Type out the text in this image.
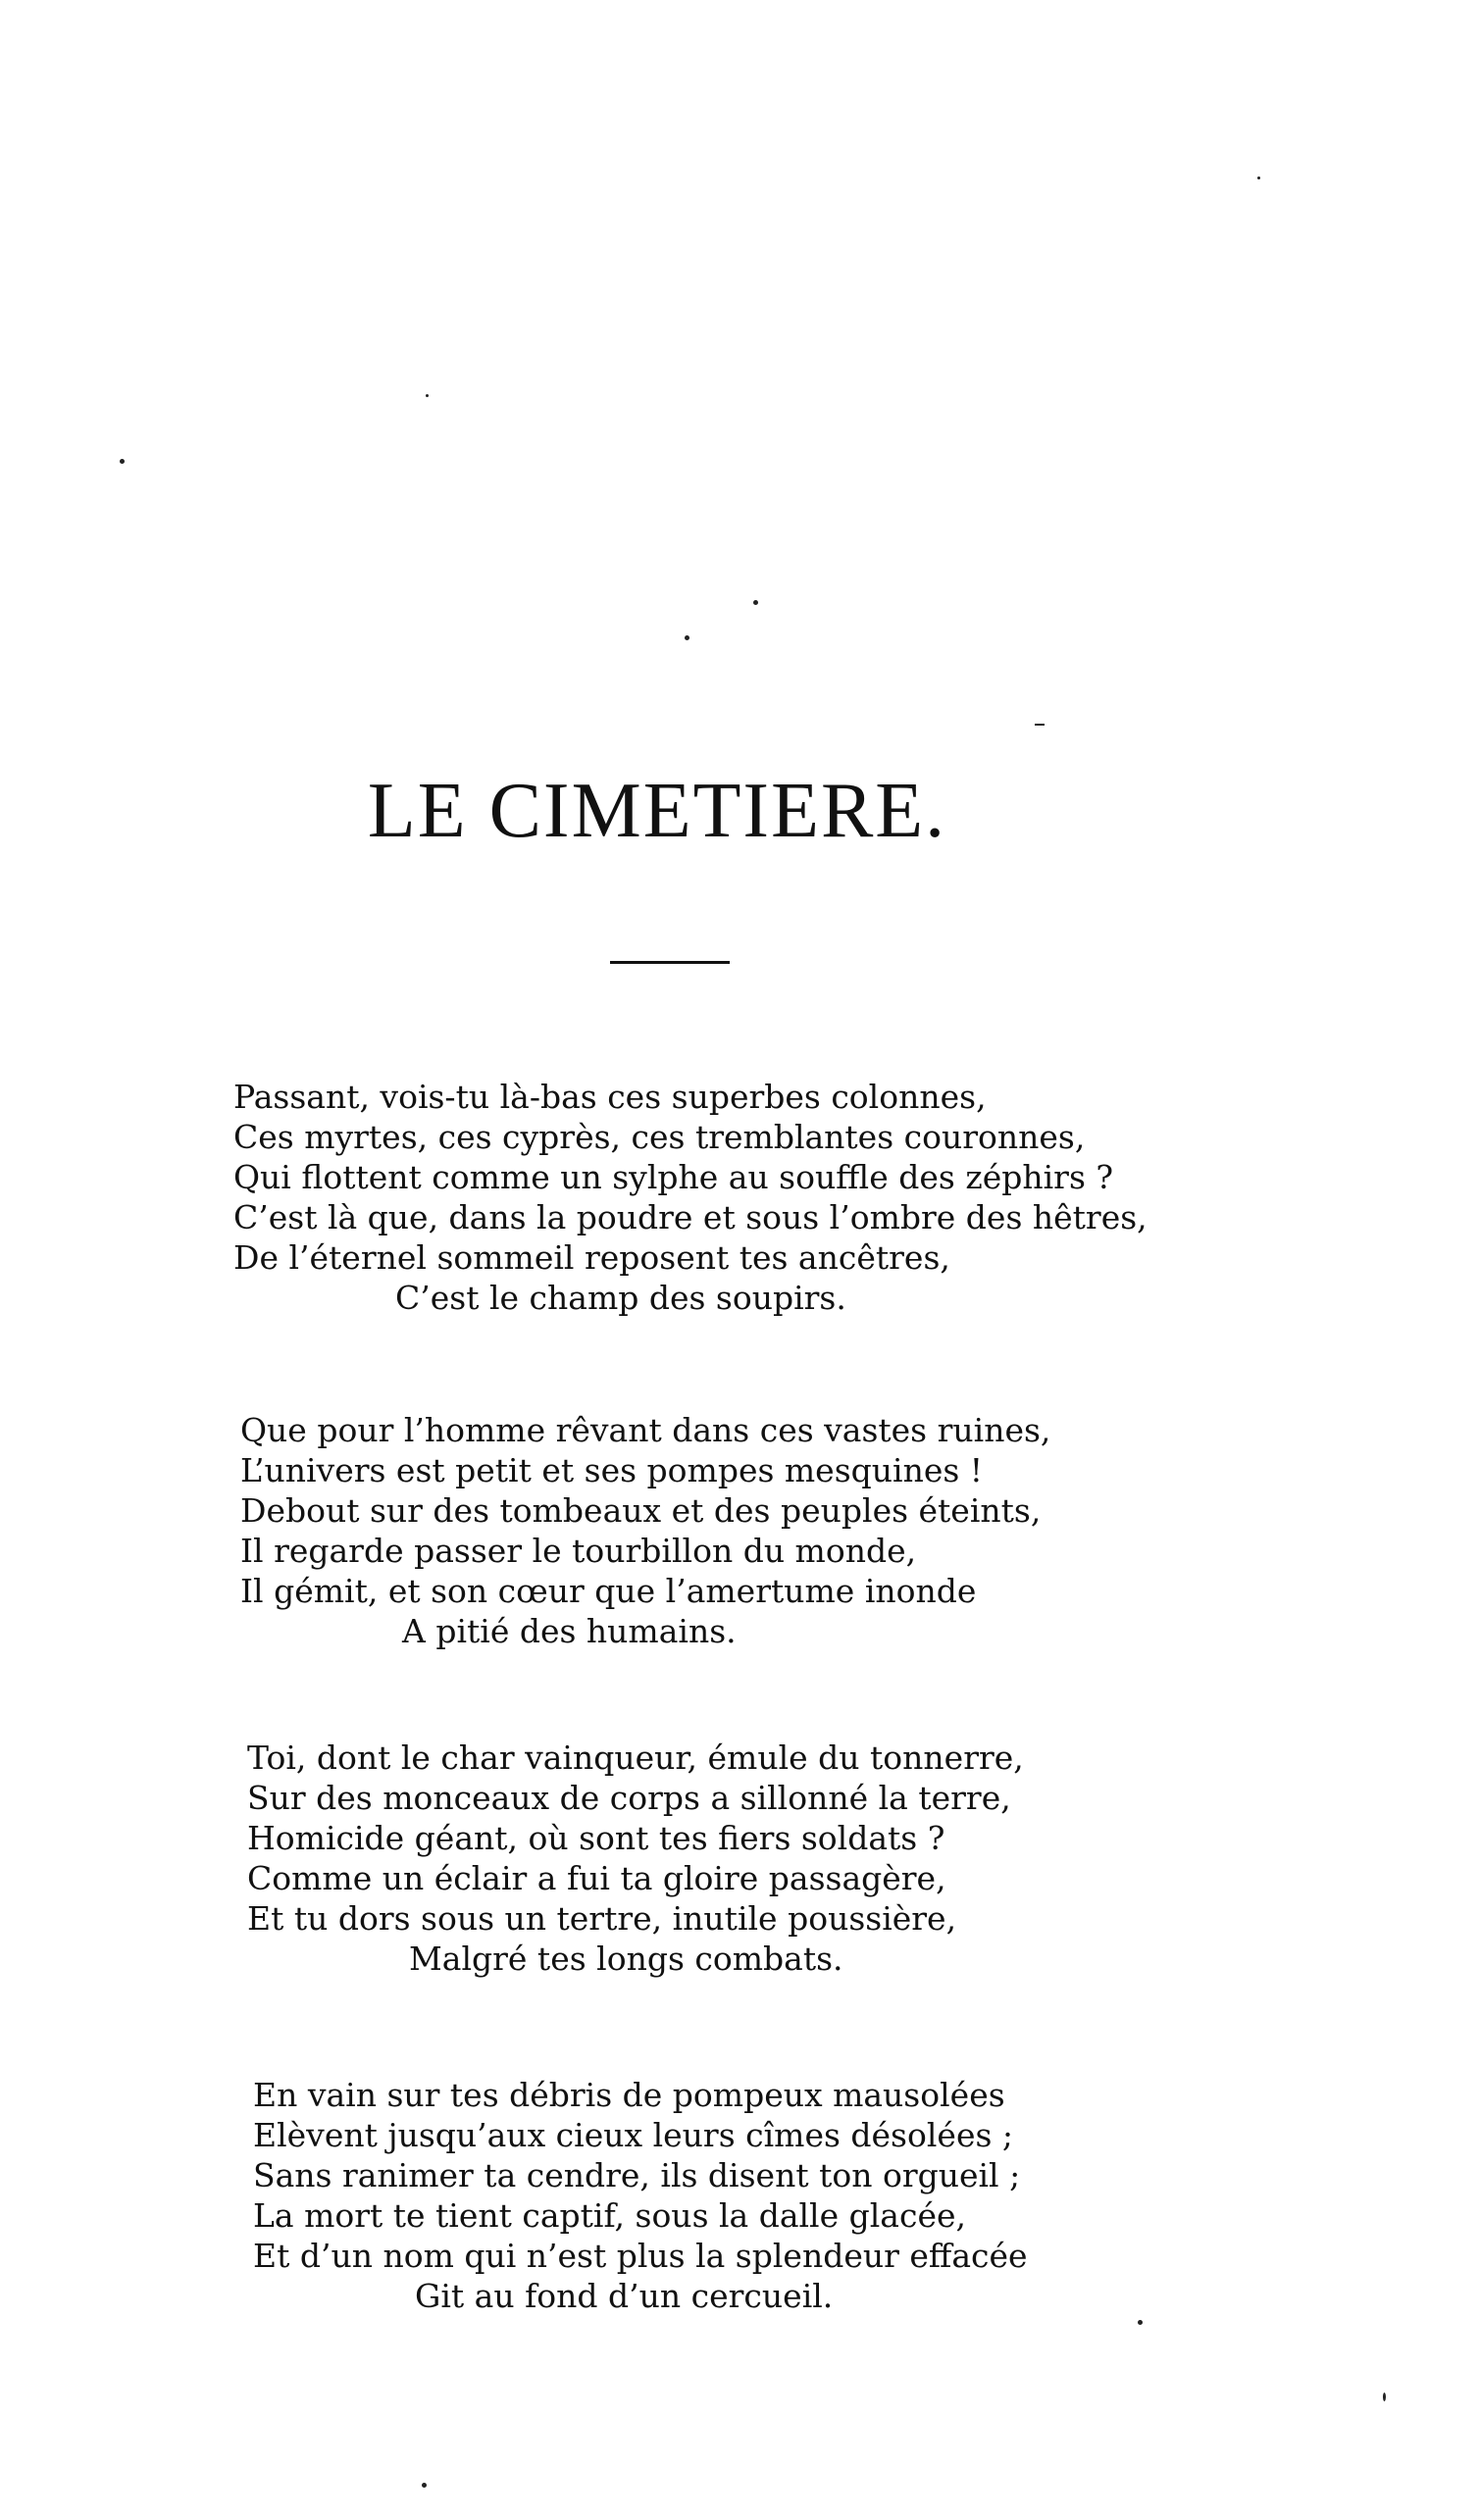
LE CIMETIERE.
Passant, vois-tu là-bas ces superbes colonnes,
Ces myrtes, ces cyprès, ces tremblantes couronnes,
Qui flottent comme un sylphe au souffle des zéphirs ?
C’est là que, dans la poudre et sous l’ombre des hêtres,
De l’éternel sommeil reposent tes ancêtres,
C’est le champ des soupirs.
Que pour l’homme rêvant dans ces vastes ruines,
L’univers est petit et ses pompes mesquines !
Debout sur des tombeaux et des peuples éteints,
Il regarde passer le tourbillon du monde,
Il gémit, et son cœur que l’amertume inonde
A pitié des humains.
Toi, dont le char vainqueur, émule du tonnerre,
Sur des monceaux de corps a sillonné la terre,
Homicide géant, où sont tes fiers soldats ?
Comme un éclair a fui ta gloire passagère,
Et tu dors sous un tertre, inutile poussière,
Malgré tes longs combats.
En vain sur tes débris de pompeux mausolées
Elèvent jusqu’aux cieux leurs cîmes désolées ;
Sans ranimer ta cendre, ils disent ton orgueil ;
La mort te tient captif, sous la dalle glacée,
Et d’un nom qui n’est plus la splendeur effacée
Git au fond d’un cercueil.
